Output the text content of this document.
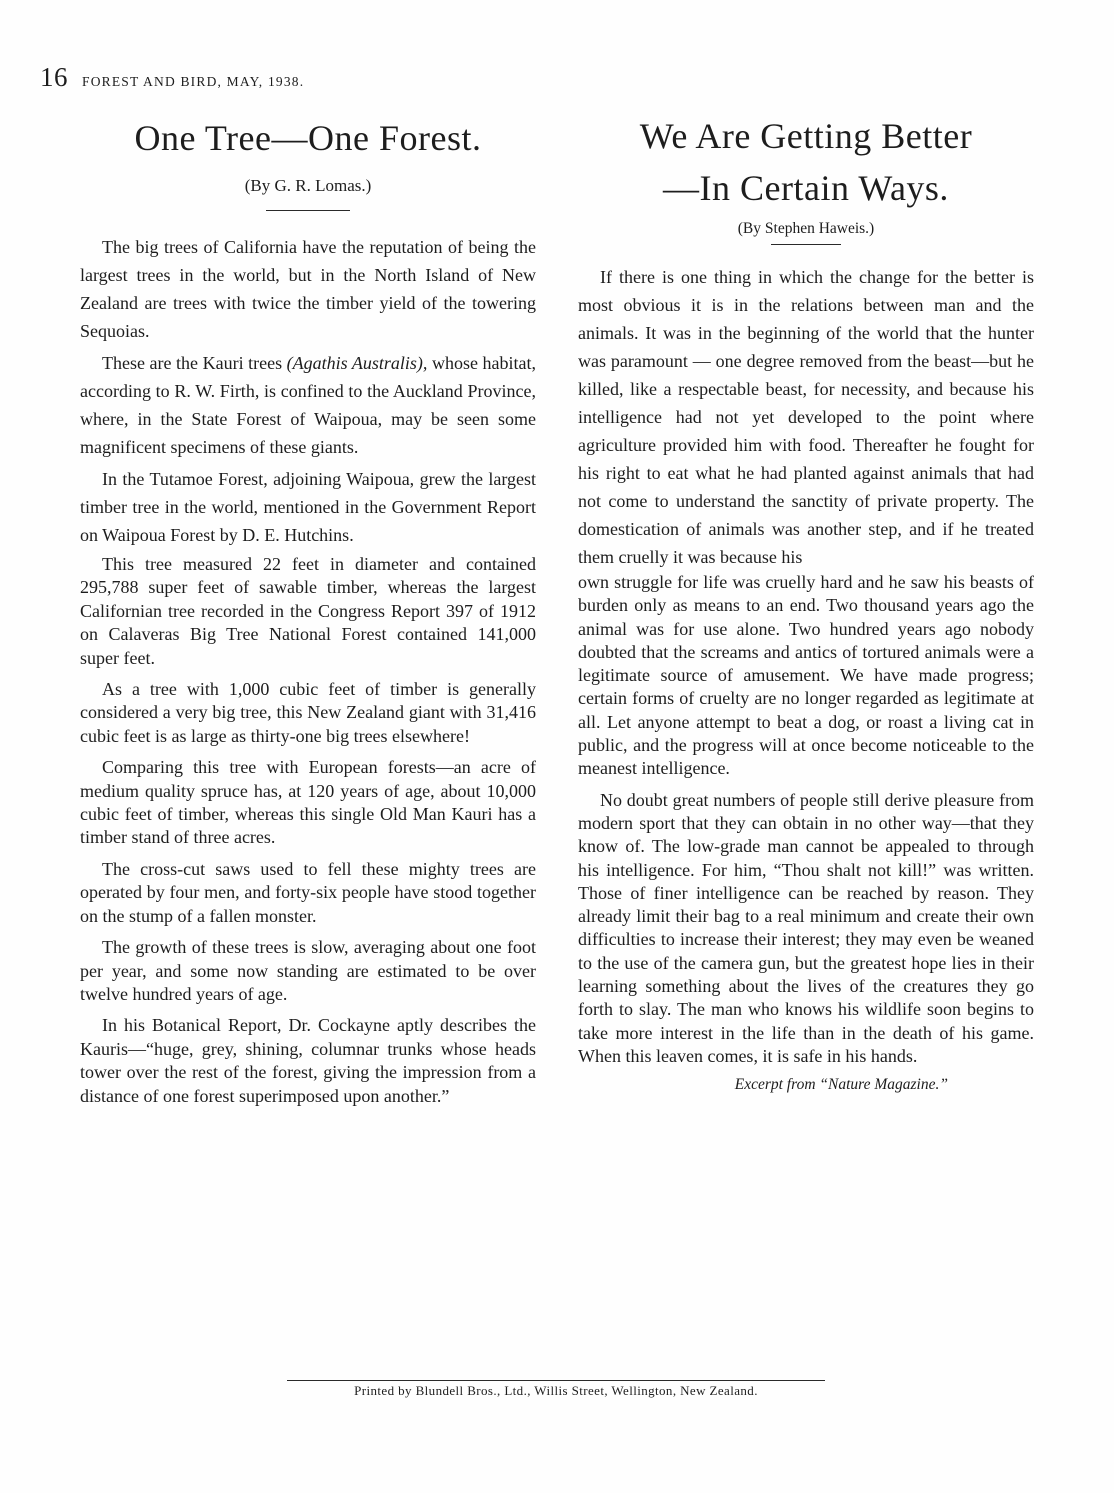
16 FOREST AND BIRD, MAY, 1938.
One Tree—One Forest.

(By G. R. Lomas.)

The big trees of California have the reputation of being the largest trees in the world, but in the North Island of New Zealand are trees with twice the timber yield of the towering Sequoias.

These are the Kauri trees (Agathis Australis), whose habitat, according to R. W. Firth, is confined to the Auckland Province, where, in the State Forest of Waipoua, may be seen some magnificent specimens of these giants.

In the Tutamoe Forest, adjoining Waipoua, grew the largest timber tree in the world, mentioned in the Government Report on Waipoua Forest by D. E. Hutchins.

This tree measured 22 feet in diameter and contained 295,788 super feet of sawable timber, whereas the largest Californian tree recorded in the Congress Report 397 of 1912 on Calaveras Big Tree National Forest contained 141,000 super feet.

As a tree with 1,000 cubic feet of timber is generally considered a very big tree, this New Zealand giant with 31,416 cubic feet is as large as thirty-one big trees elsewhere!

Comparing this tree with European forests—an acre of medium quality spruce has, at 120 years of age, about 10,000 cubic feet of timber, whereas this single Old Man Kauri has a timber stand of three acres.

The cross-cut saws used to fell these mighty trees are operated by four men, and forty-six people have stood together on the stump of a fallen monster.

The growth of these trees is slow, averaging about one foot per year, and some now standing are estimated to be over twelve hundred years of age.

In his Botanical Report, Dr. Cockayne aptly describes the Kauris—“huge, grey, shining, columnar trunks whose heads tower over the rest of the forest, giving the impression from a distance of one forest superimposed upon another.”

We Are Getting Better
—In Certain Ways.

(By Stephen Haweis.)

If there is one thing in which the change for the better is most obvious it is in the relations between man and the animals. It was in the beginning of the world that the hunter was paramount — one degree removed from the beast—but he killed, like a respectable beast, for necessity, and because his intelligence had not yet developed to the point where agriculture provided him with food. Thereafter he fought for his right to eat what he had planted against animals that had not come to understand the sanctity of private property. The domestication of animals was another step, and if he treated them cruelly it was because his

own struggle for life was cruelly hard and he saw his beasts of burden only as means to an end. Two thousand years ago the animal was for use alone. Two hundred years ago nobody doubted that the screams and antics of tortured animals were a legitimate source of amusement. We have made progress; certain forms of cruelty are no longer regarded as legitimate at all. Let anyone attempt to beat a dog, or roast a living cat in public, and the progress will at once become noticeable to the meanest intelligence.

No doubt great numbers of people still derive pleasure from modern sport that they can obtain in no other way—that they know of. The low-grade man cannot be appealed to through his intelligence. For him, “Thou shalt not kill!” was written. Those of finer intelligence can be reached by reason. They already limit their bag to a real minimum and create their own difficulties to increase their interest; they may even be weaned to the use of the camera gun, but the greatest hope lies in their learning something about the lives of the creatures they go forth to slay. The man who knows his wildlife soon begins to take more interest in the life than in the death of his game. When this leaven comes, it is safe in his hands.

Excerpt from “Nature Magazine.”
Printed by Blundell Bros., Ltd., Willis Street, Wellington, New Zealand.
